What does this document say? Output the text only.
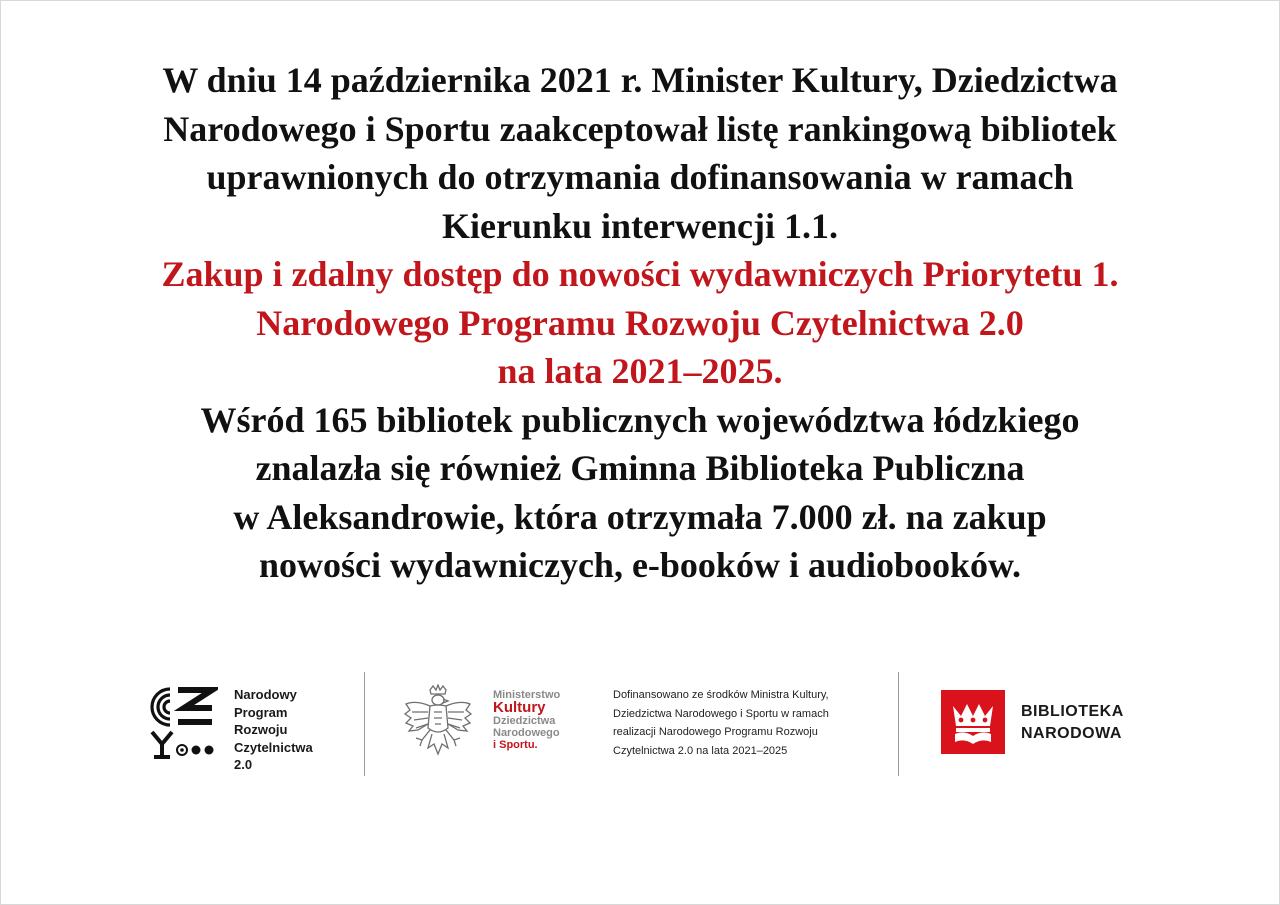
W dniu 14 października 2021 r. Minister Kultury, Dziedzictwa
Narodowego i Sportu zaakceptował listę rankingową bibliotek
uprawnionych do otrzymania dofinansowania w ramach
Kierunku interwencji 1.1.
Zakup i zdalny dostęp do nowości wydawniczych Priorytetu 1.
Narodowego Programu Rozwoju Czytelnictwa 2.0
na lata 2021–2025.
Wśród 165 bibliotek publicznych województwa łódzkiego
znalazła się również Gminna Biblioteka Publiczna
w Aleksandrowie, która otrzymała 7.000 zł. na zakup
nowości wydawniczych, e-booków i audiobooków.
Narodowy
Program
Rozwoju
Czytelnictwa
2.0
Ministerstwo
Kultury
Dziedzictwa
Narodowego
i Sportu.
Dofinansowano ze środków Ministra Kultury,
Dziedzictwa Narodowego i Sportu w ramach
realizacji Narodowego Programu Rozwoju
Czytelnictwa 2.0 na lata 2021–2025
BIBLIOTEKA
NARODOWA
